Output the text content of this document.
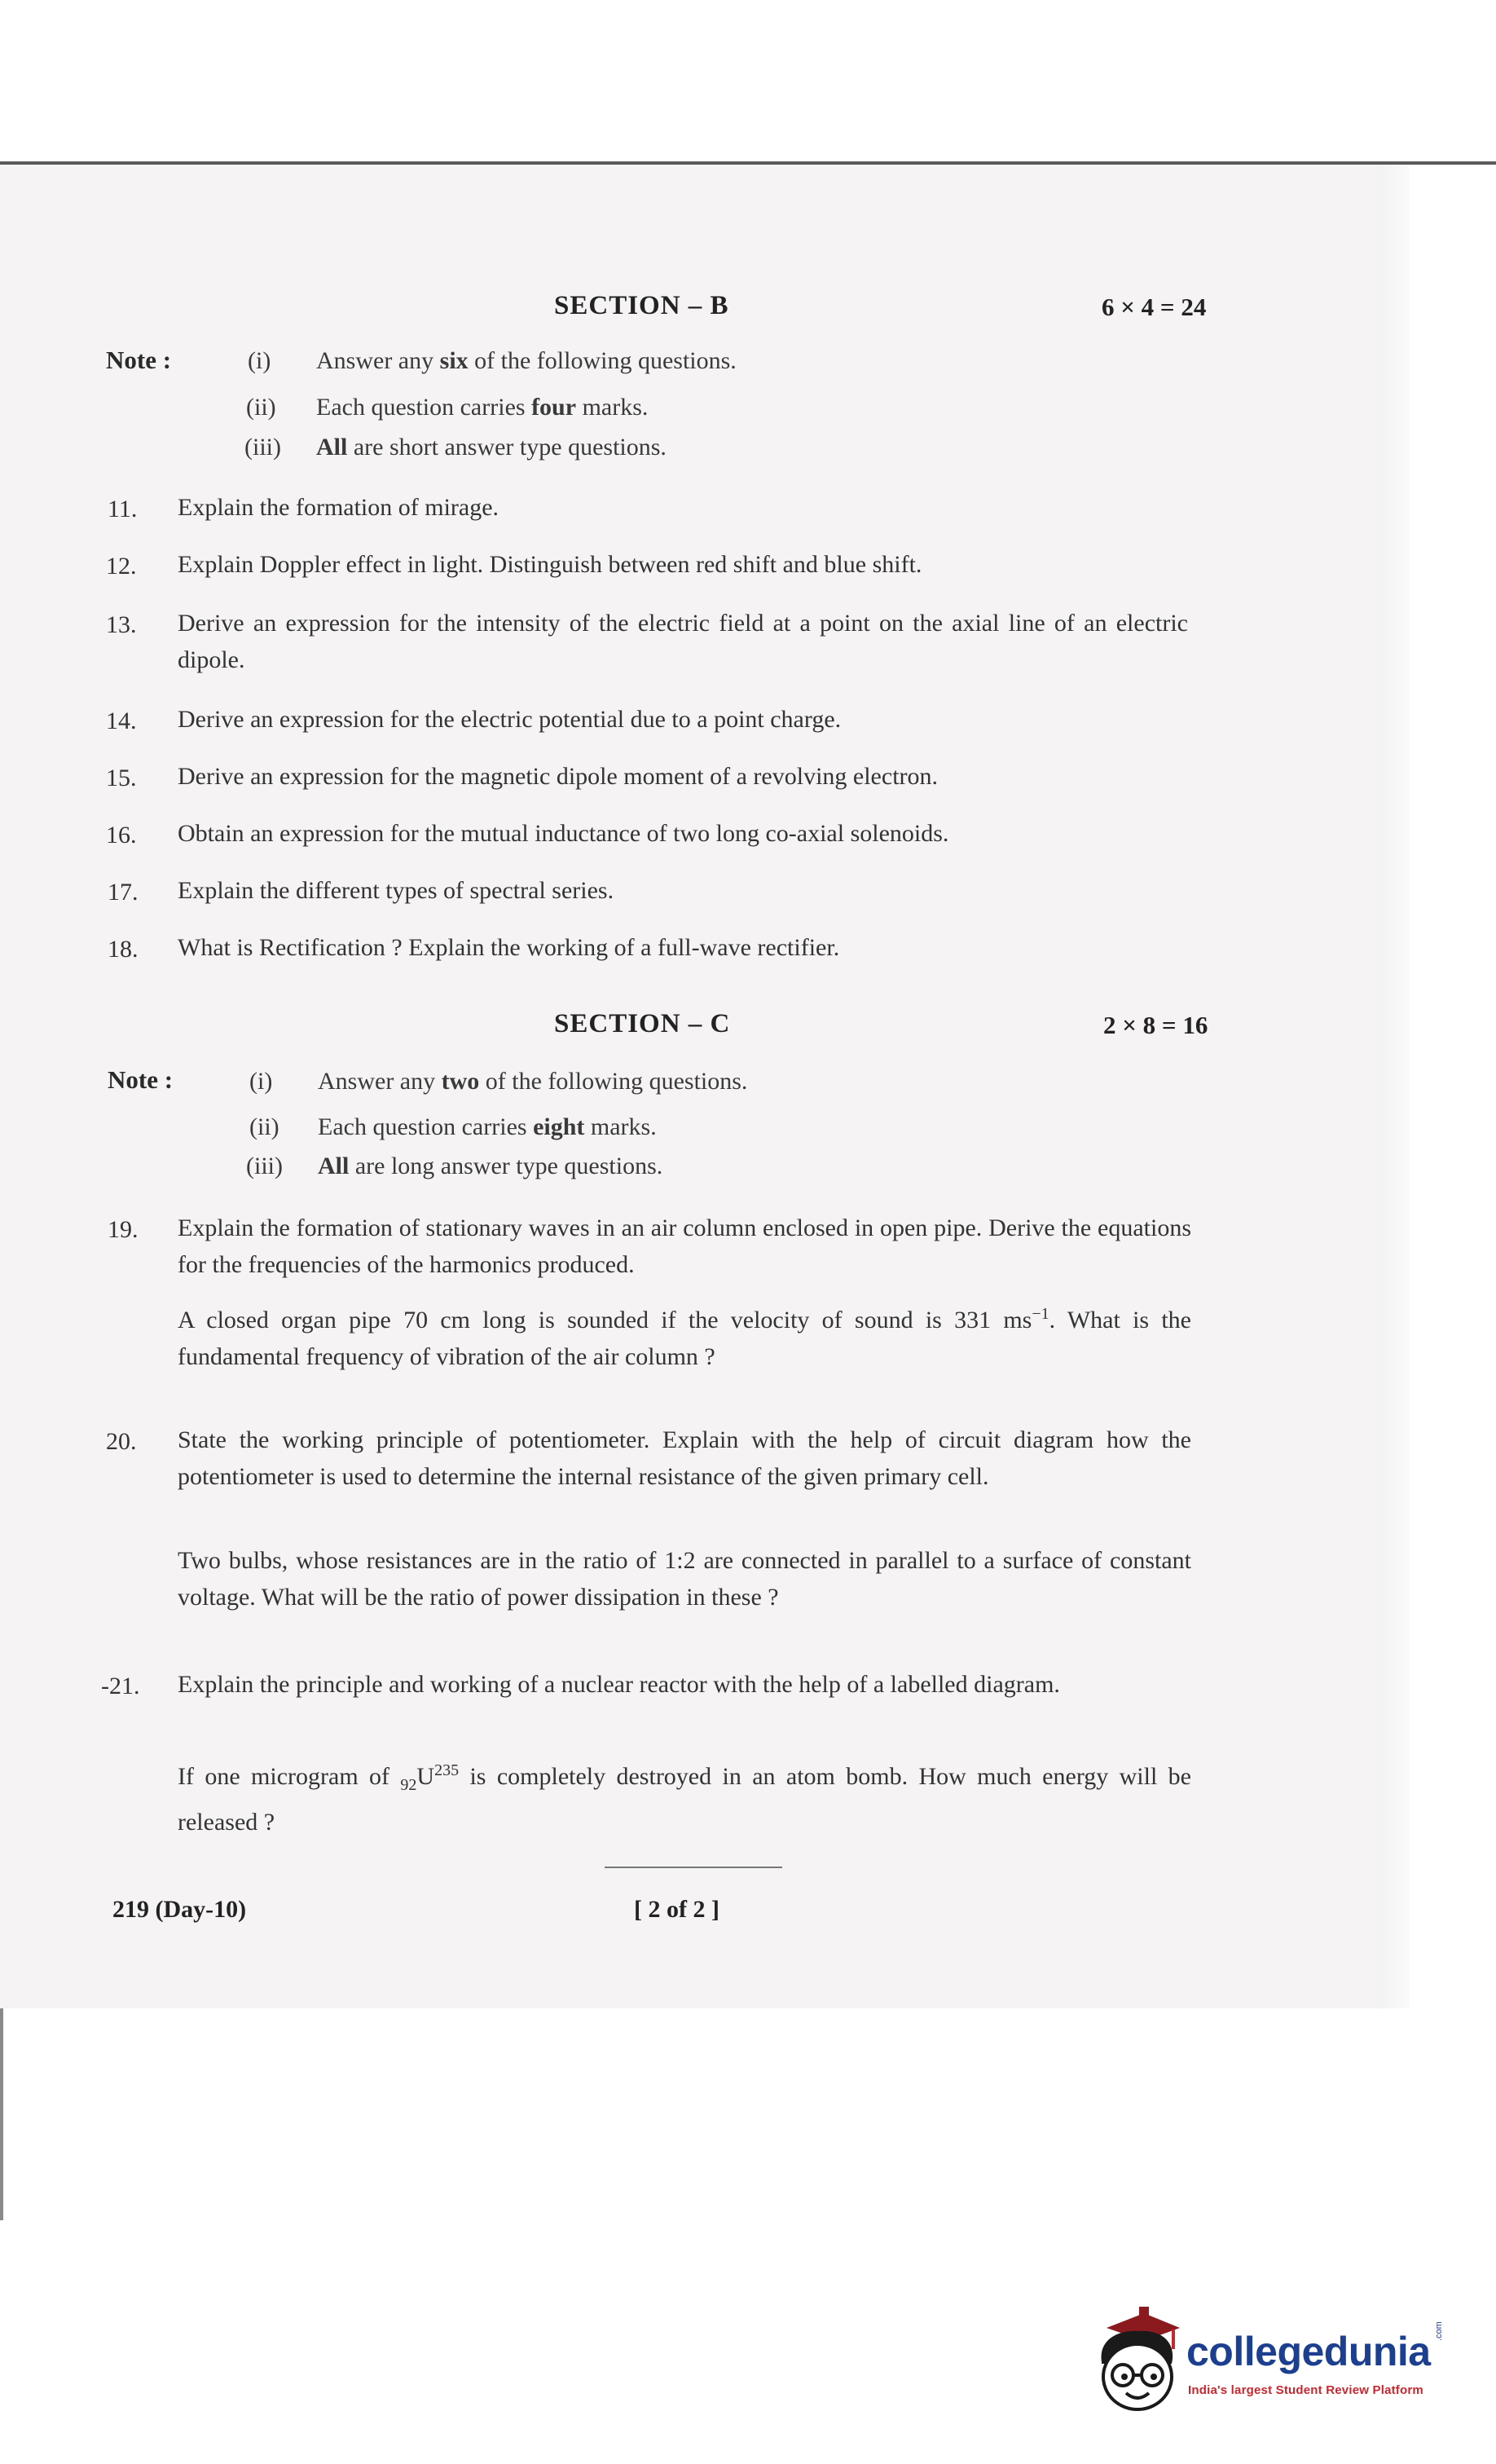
SECTION – B	6 × 4 = 24
Note :	(i) Answer any six of the following questions.
(ii) Each question carries four marks.
(iii) All are short answer type questions.
11. Explain the formation of mirage.
12. Explain Doppler effect in light. Distinguish between red shift and blue shift.
13. Derive an expression for the intensity of the electric field at a point on the axial line of an electric dipole.
14. Derive an expression for the electric potential due to a point charge.
15. Derive an expression for the magnetic dipole moment of a revolving electron.
16. Obtain an expression for the mutual inductance of two long co-axial solenoids.
17. Explain the different types of spectral series.
18. What is Rectification ? Explain the working of a full-wave rectifier.
SECTION – C	2 × 8 = 16
Note :	(i) Answer any two of the following questions.
(ii) Each question carries eight marks.
(iii) All are long answer type questions.
19. Explain the formation of stationary waves in an air column enclosed in open pipe. Derive the equations for the frequencies of the harmonics produced.
A closed organ pipe 70 cm long is sounded if the velocity of sound is 331 $ms^{-1}$. What is the fundamental frequency of vibration of the air column ?
20. State the working principle of potentiometer. Explain with the help of circuit diagram how the potentiometer is used to determine the internal resistance of the given primary cell.
Two bulbs, whose resistances are in the ratio of 1:2 are connected in parallel to a surface of constant voltage. What will be the ratio of power dissipation in these ?
-21. Explain the principle and working of a nuclear reactor with the help of a labelled diagram.
If one microgram of $_{92}U^{235}$ is completely destroyed in an atom bomb. How much energy will be released ?
219 (Day-10)	[ 2 of 2 ]
collegedunia .com
India's largest Student Review Platform
